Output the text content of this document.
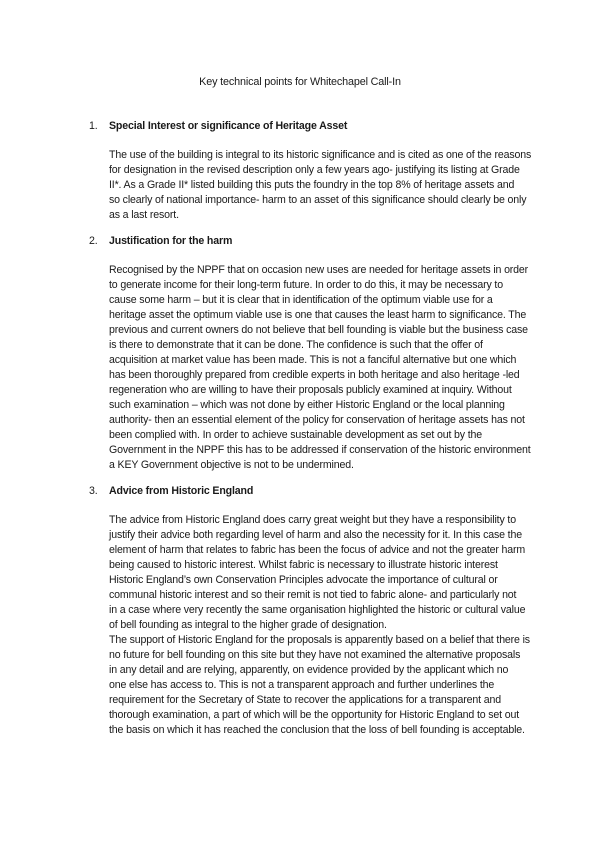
Key technical points for Whitechapel Call-In
1.	Special Interest or significance of Heritage Asset
The use of the building is integral to its historic significance and is cited as one of the reasons
for designation in the revised description only a few years ago- justifying its listing at Grade
II*. As a Grade II* listed building this puts the foundry in the top 8% of heritage assets and
so clearly of national importance- harm to an asset of this significance should clearly be only
as a last resort.
2.	Justification for the harm
Recognised by the NPPF that on occasion new uses are needed for heritage assets in order
to generate income for their long-term future. In order to do this, it may be necessary to
cause some harm – but it is clear that in identification of the optimum viable use for a
heritage asset the optimum viable use is one that causes the least harm to significance. The
previous and current owners do not believe that bell founding is viable but the business case
is there to demonstrate that it can be done. The confidence is such that the offer of
acquisition at market value has been made. This is not a fanciful alternative but one which
has been thoroughly prepared from credible experts in both heritage and also heritage -led
regeneration who are willing to have their proposals publicly examined at inquiry. Without
such examination – which was not done by either Historic England or the local planning
authority- then an essential element of the policy for conservation of heritage assets has not
been complied with. In order to achieve sustainable development as set out by the
Government in the NPPF this has to be addressed if conservation of the historic environment
a KEY Government objective is not to be undermined.
3.	Advice from Historic England
The advice from Historic England does carry great weight but they have a responsibility to
justify their advice both regarding level of harm and also the necessity for it. In this case the
element of harm that relates to fabric has been the focus of advice and not the greater harm
being caused to historic interest. Whilst fabric is necessary to illustrate historic interest
Historic England’s own Conservation Principles advocate the importance of cultural or
communal historic interest and so their remit is not tied to fabric alone- and particularly not
in a case where very recently the same organisation highlighted the historic or cultural value
of bell founding as integral to the higher grade of designation.
The support of Historic England for the proposals is apparently based on a belief that there is
no future for bell founding on this site but they have not examined the alternative proposals
in any detail and are relying, apparently, on evidence provided by the applicant which no
one else has access to. This is not a transparent approach and further underlines the
requirement for the Secretary of State to recover the applications for a transparent and
thorough examination, a part of which will be the opportunity for Historic England to set out
the basis on which it has reached the conclusion that the loss of bell founding is acceptable.
